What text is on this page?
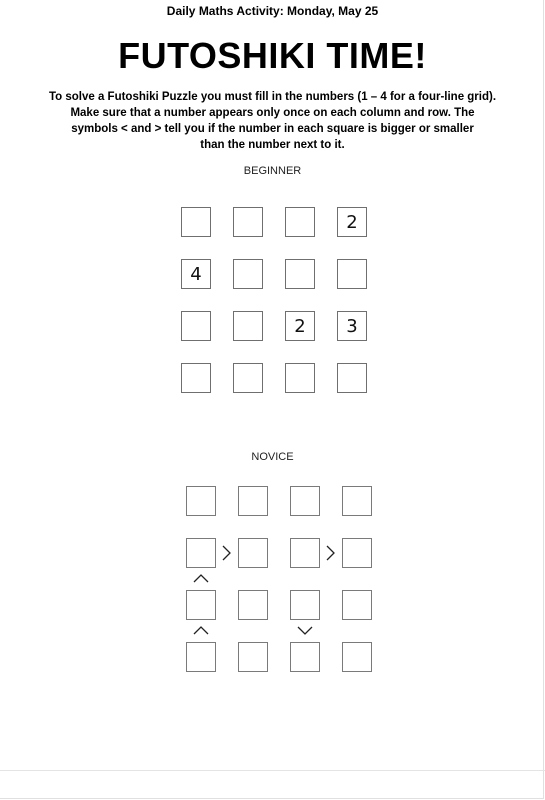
Daily Maths Activity: Monday, May 25
FUTOSHIKI TIME!
To solve a Futoshiki Puzzle you must fill in the numbers (1 – 4 for a four-line grid).
Make sure that a number appears only once on each column and row. The
symbols < and > tell you if the number in each square is bigger or smaller
than the number next to it.
BEGINNER
2
4
2	3
NOVICE
